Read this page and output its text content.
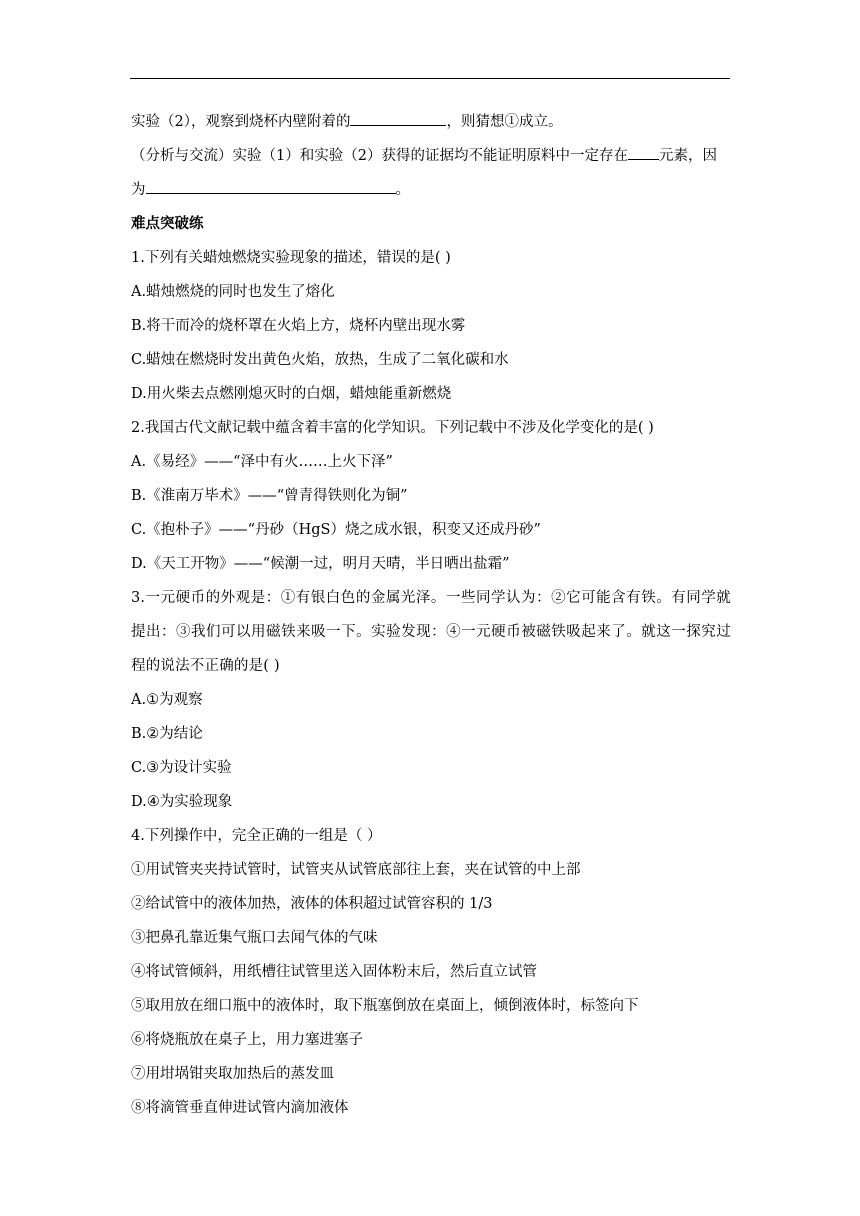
实验（2），观察到烧杯内壁附着的	，则猜想①成立。
（分析与交流）实验（1）和实验（2）获得的证据均不能证明原料中一定存在 元素，因
为	。
难点突破练
1.下列有关蜡烛燃烧实验现象的描述，错误的是( )
A.蜡烛燃烧的同时也发生了熔化
B.将干而冷的烧杯罩在火焰上方，烧杯内壁出现水雾
C.蜡烛在燃烧时发出黄色火焰，放热，生成了二氧化碳和水
D.用火柴去点燃刚熄灭时的白烟，蜡烛能重新燃烧
2.我国古代文献记载中蕴含着丰富的化学知识。下列记载中不涉及化学变化的是( )
A.《易经》——“泽中有火……上火下泽”
B.《淮南万毕术》——“曾青得铁则化为铜”
C.《抱朴子》——“丹砂（HgS）烧之成水银，积变又还成丹砂”
D.《天工开物》——“候潮一过，明月天晴，半日晒出盐霜”
3.一元硬币的外观是：①有银白色的金属光泽。一些同学认为：②它可能含有铁。有同学就提出：③我们可以用磁铁来吸一下。实验发现：④一元硬币被磁铁吸起来了。就这一探究过程的说法不正确的是( )
A.①为观察
B.②为结论
C.③为设计实验
D.④为实验现象
4.下列操作中，完全正确的一组是（ ）
①用试管夹夹持试管时，试管夹从试管底部往上套，夹在试管的中上部
②给试管中的液体加热，液体的体积超过试管容积的 1/3
③把鼻孔靠近集气瓶口去闻气体的气味
④将试管倾斜，用纸槽往试管里送入固体粉末后，然后直立试管
⑤取用放在细口瓶中的液体时，取下瓶塞倒放在桌面上，倾倒液体时，标签向下
⑥将烧瓶放在桌子上，用力塞进塞子
⑦用坩埚钳夹取加热后的蒸发皿
⑧将滴管垂直伸进试管内滴加液体
